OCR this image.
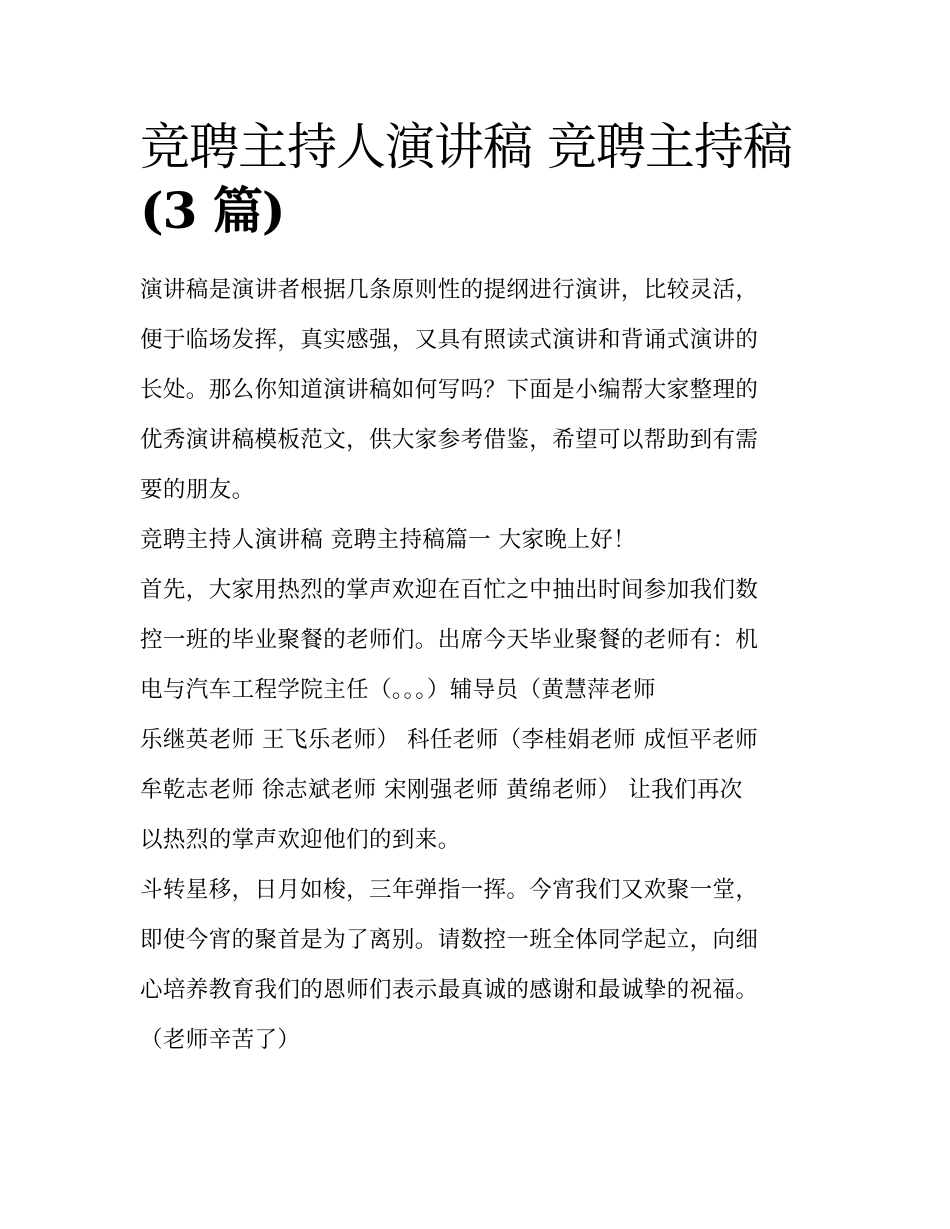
竞聘主持人演讲稿 竞聘主持稿
(3 篇)

演讲稿是演讲者根据几条原则性的提纲进行演讲，比较灵活，
便于临场发挥，真实感强，又具有照读式演讲和背诵式演讲的
长处。那么你知道演讲稿如何写吗？下面是小编帮大家整理的
优秀演讲稿模板范文，供大家参考借鉴，希望可以帮助到有需
要的朋友。

竞聘主持人演讲稿 竞聘主持稿篇一 大家晚上好！

首先，大家用热烈的掌声欢迎在百忙之中抽出时间参加我们数
控一班的毕业聚餐的老师们。出席今天毕业聚餐的老师有：机
电与汽车工程学院主任（。。。）辅导员（黄慧萍老师
乐继英老师 王飞乐老师） 科任老师（李桂娟老师 成恒平老师
牟乾志老师 徐志斌老师 宋刚强老师 黄绵老师） 让我们再次
以热烈的掌声欢迎他们的到来。

斗转星移，日月如梭，三年弹指一挥。今宵我们又欢聚一堂，
即使今宵的聚首是为了离别。请数控一班全体同学起立，向细
心培养教育我们的恩师们表示最真诚的感谢和最诚挚的祝福。
（老师辛苦了）
